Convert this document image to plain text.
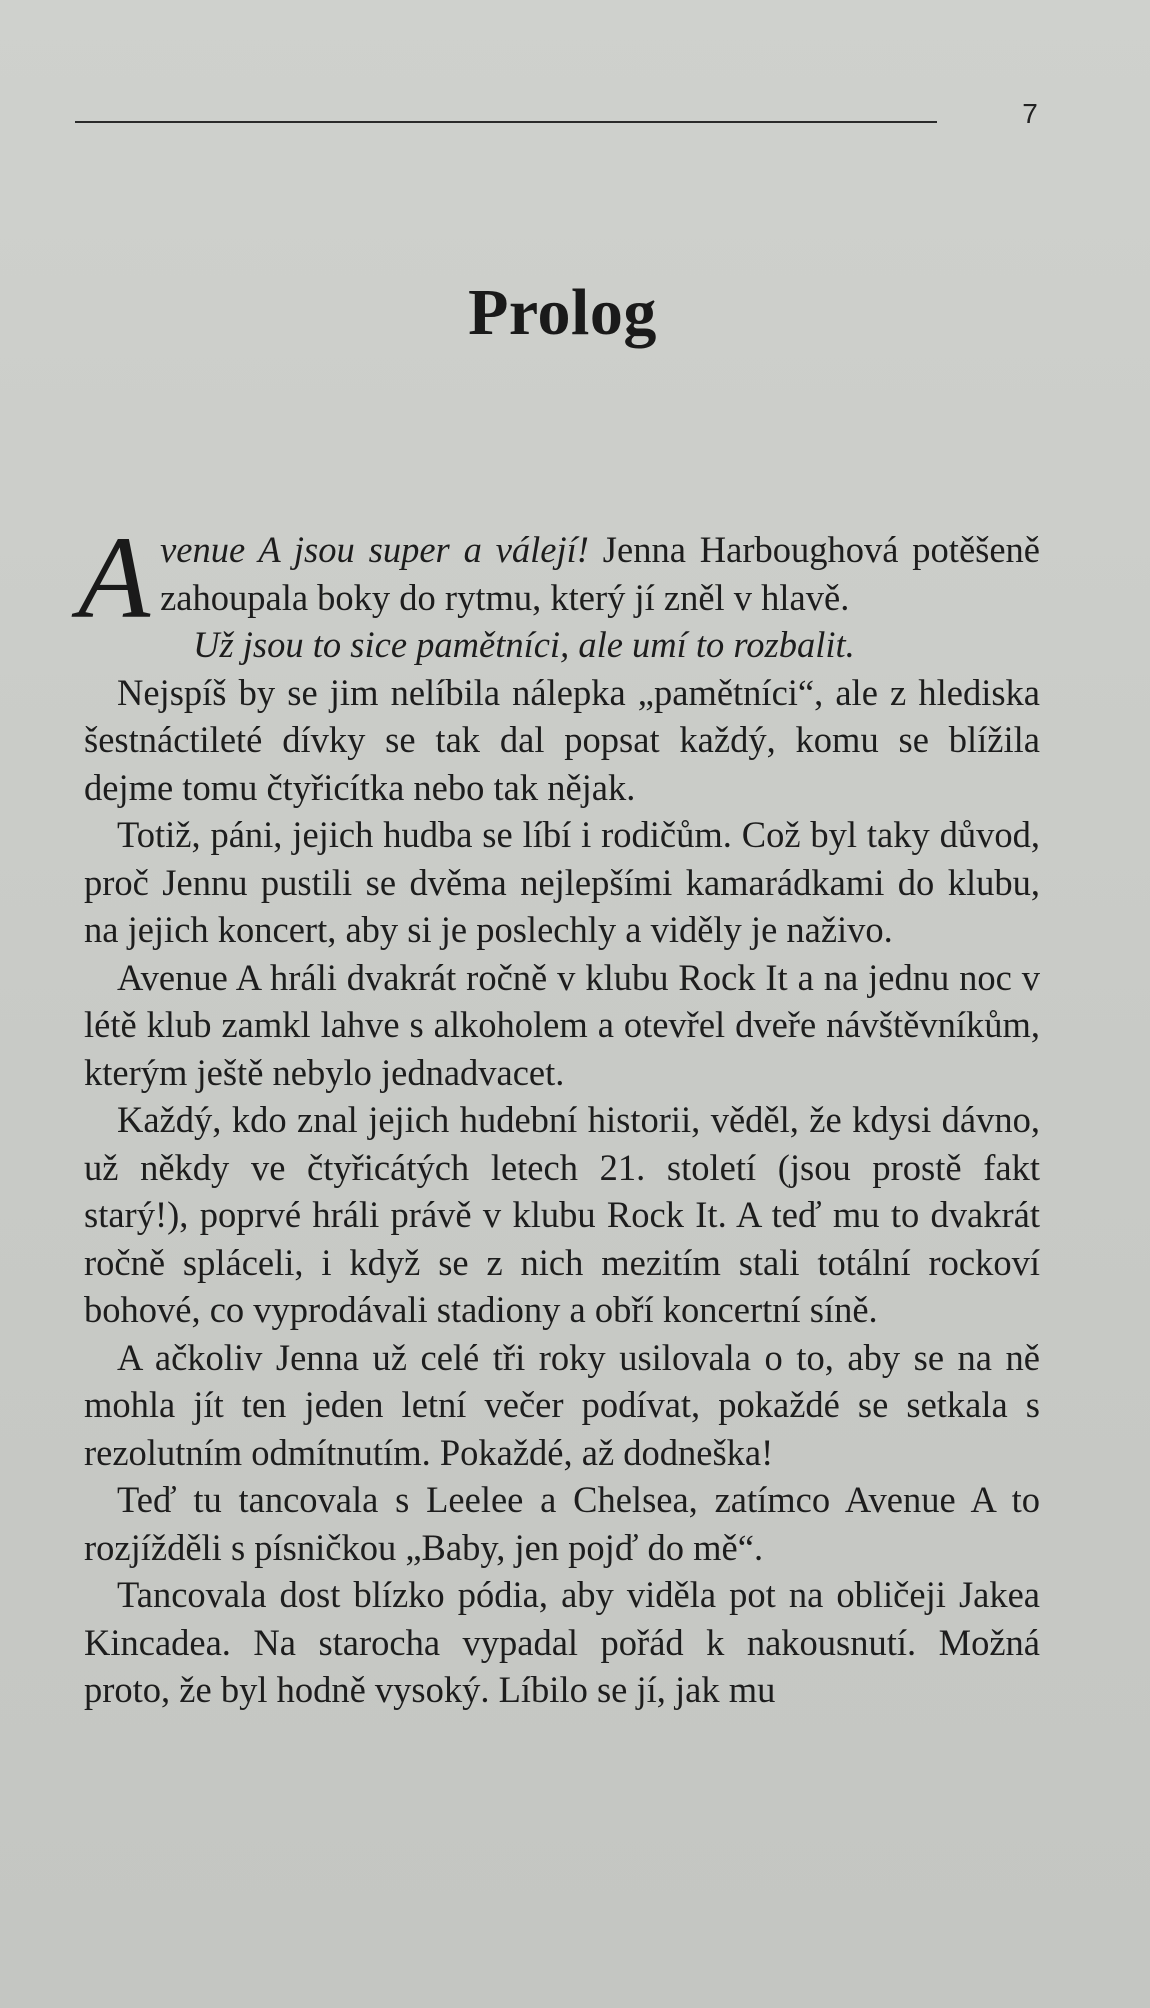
7
Prolog

Avenue A jsou super a válejí! Jenna Harboughová potěšeně zahoupala boky do rytmu, který jí zněl v hlavě.

Už jsou to sice pamětníci, ale umí to rozbalit.

Nejspíš by se jim nelíbila nálepka „pamětníci“, ale z hlediska šestnáctileté dívky se tak dal popsat každý, komu se blížila dejme tomu čtyřicítka nebo tak nějak.

Totiž, páni, jejich hudba se líbí i rodičům. Což byl taky důvod, proč Jennu pustili se dvěma nejlepšími kamarádkami do klubu, na jejich koncert, aby si je poslechly a viděly je naživo.

Avenue A hráli dvakrát ročně v klubu Rock It a na jednu noc v létě klub zamkl lahve s alkoholem a otevřel dveře návštěvníkům, kterým ještě nebylo jednadvacet.

Každý, kdo znal jejich hudební historii, věděl, že kdysi dávno, už někdy ve čtyřicátých letech 21. století (jsou prostě fakt starý!), poprvé hráli právě v klubu Rock It. A teď mu to dvakrát ročně spláceli, i když se z nich mezitím stali totální rockoví bohové, co vyprodávali stadiony a obří koncertní síně.

A ačkoliv Jenna už celé tři roky usilovala o to, aby se na ně mohla jít ten jeden letní večer podívat, pokaždé se setkala s rezolutním odmítnutím. Pokaždé, až dodneška!

Teď tu tancovala s Leelee a Chelsea, zatímco Avenue A to rozjížděli s písničkou „Baby, jen pojď do mě“.

Tancovala dost blízko pódia, aby viděla pot na obličeji Jakea Kincadea. Na starocha vypadal pořád k nakousnutí. Možná proto, že byl hodně vysoký. Líbilo se jí, jak mu
